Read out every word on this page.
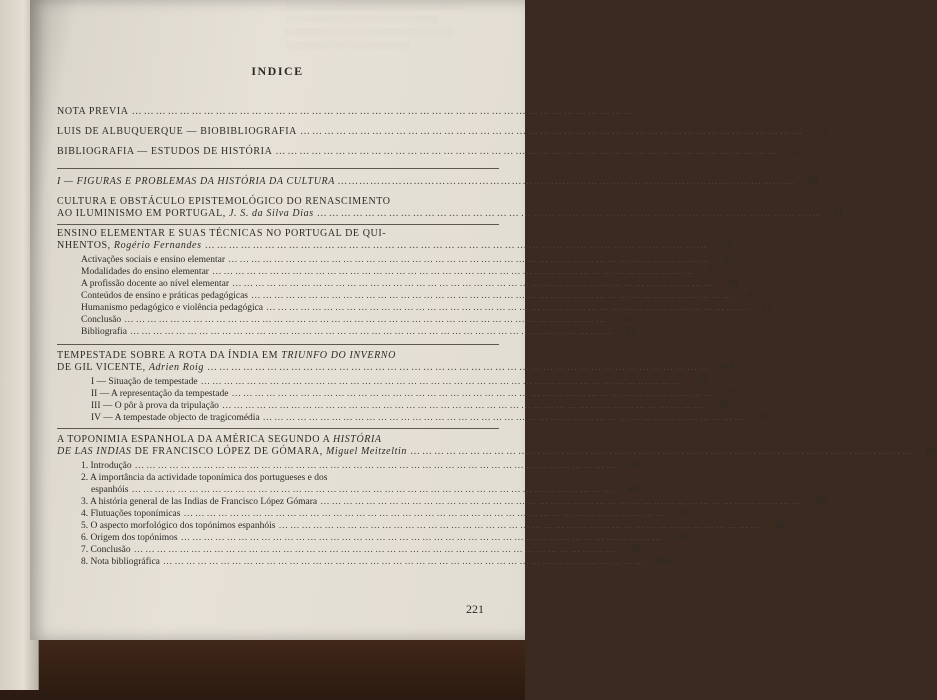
░░░░░░░░░░░░░░░░░░░░░░░░░░░░░░░░░░░░
░░░░░░░░░░░░░░░░░░░░░░░░░░░░░░░
░░░░░░░░░░░░░░░░░░░░░░░░░░░░░░░░░░
░░░░░░░░░░░░░░░░░░░░░░░░░
INDICE
NOTA PREVIA ………………………………………………………………………………………………………………	7
LUIS DE ALBUQUERQUE — BIOBIBLIOGRAFIA ………………………………………………………………………………………………………………	9
BIBLIOGRAFIA — ESTUDOS DE HISTÓRIA ………………………………………………………………………………………………………………	13
I — FIGURAS E PROBLEMAS DA HISTÓRIA DA CULTURA ………………………………………………………………………………………………………………	39
CULTURA E OBSTÁCULO EPISTEMOLÓGICO DO RENASCIMENTO
AO ILUMINISMO EM PORTUGAL, J. S. da Silva Dias ………………………………………………………………………………………………………………	41
ENSINO ELEMENTAR E SUAS TÉCNICAS NO PORTUGAL DE QUI-
NHENTOS, Rogério Fernandes ………………………………………………………………………………………………………………	53
Activações sociais e ensino elementar ………………………………………………………………………………………………………………	53
Modalidades do ensino elementar ………………………………………………………………………………………………………………	57
A profissão docente ao nível elementar ………………………………………………………………………………………………………………	59
Conteúdos de ensino e práticas pedagógicas ………………………………………………………………………………………………………………	61
Humanismo pedagógico e violência pedagógica ………………………………………………………………………………………………………………	64
Conclusão ………………………………………………………………………………………………………………	64
Bibliografia ………………………………………………………………………………………………………………	66
TEMPESTADE SOBRE A ROTA DA ÍNDIA EM TRIUNFO DO INVERNO
DE GIL VICENTE, Adrien Roig ………………………………………………………………………………………………………………	69
I — Situação de tempestade ………………………………………………………………………………………………………………	70
II — A representação da tempestade ………………………………………………………………………………………………………………	73
III — O pôr à prova da tripulação ………………………………………………………………………………………………………………	76
IV — A tempestade objecto de tragicomédia ………………………………………………………………………………………………………………	79
A TOPONIMIA ESPANHOLA DA AMÉRICA SEGUNDO A HISTÓRIA
DE LAS INDIAS DE FRANCISCO LÓPEZ DE GÓMARA, Miguel Meitzeltin ………………………………………………………………………………………………………………	89
1. Introdução ………………………………………………………………………………………………………………	89
2. A importância da actividade toponímica dos portugueses e dos
espanhóis ………………………………………………………………………………………………………………	89
3. A história general de las Indias de Francisco López Gómara ………………………………………………………………………………………………………………	90
4. Flutuações toponímicas ………………………………………………………………………………………………………………	91
5. O aspecto morfológico dos topónimos espanhóis ………………………………………………………………………………………………………………	94
6. Origem dos topónimos ………………………………………………………………………………………………………………	95
7. Conclusão ………………………………………………………………………………………………………………	99
8. Nota bibliográfica ………………………………………………………………………………………………………………	100
221
